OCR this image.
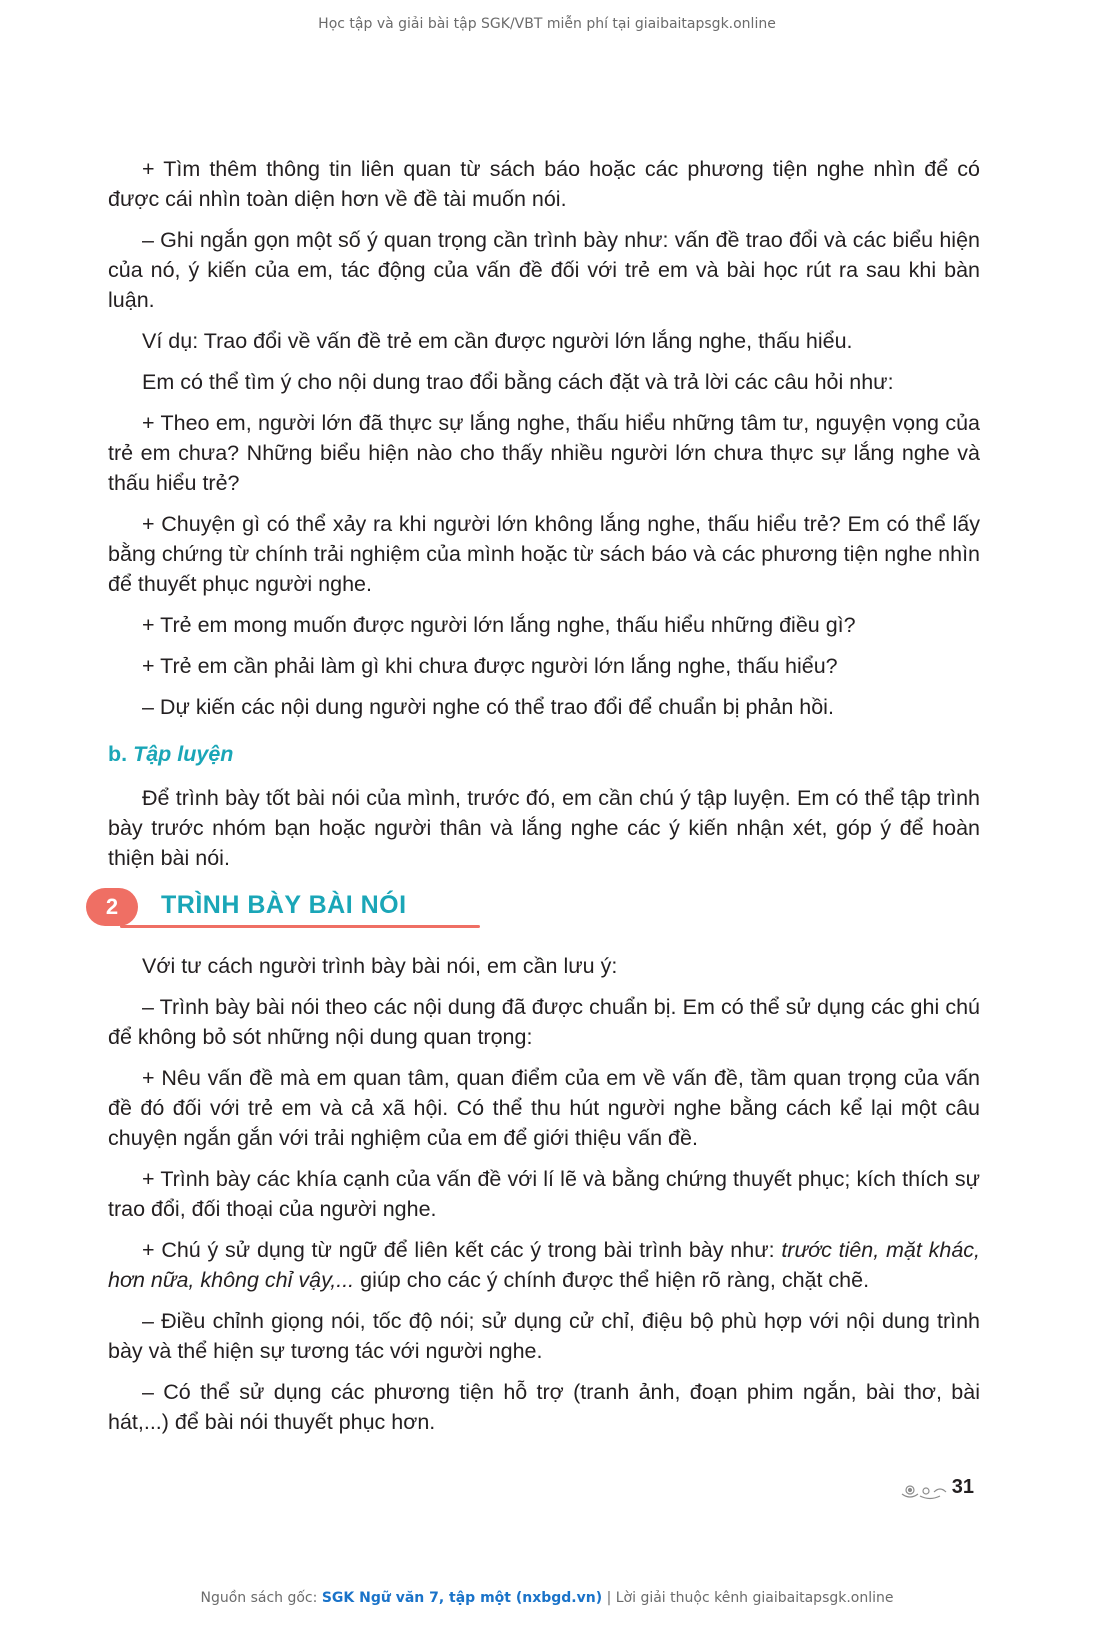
Học tập và giải bài tập SGK/VBT miễn phí tại giaibaitapsgk.online

+ Tìm thêm thông tin liên quan từ sách báo hoặc các phương tiện nghe nhìn để có được cái nhìn toàn diện hơn về đề tài muốn nói.

– Ghi ngắn gọn một số ý quan trọng cần trình bày như: vấn đề trao đổi và các biểu hiện của nó, ý kiến của em, tác động của vấn đề đối với trẻ em và bài học rút ra sau khi bàn luận.

Ví dụ: Trao đổi về vấn đề trẻ em cần được người lớn lắng nghe, thấu hiểu.

Em có thể tìm ý cho nội dung trao đổi bằng cách đặt và trả lời các câu hỏi như:

+ Theo em, người lớn đã thực sự lắng nghe, thấu hiểu những tâm tư, nguyện vọng của trẻ em chưa? Những biểu hiện nào cho thấy nhiều người lớn chưa thực sự lắng nghe và thấu hiểu trẻ?

+ Chuyện gì có thể xảy ra khi người lớn không lắng nghe, thấu hiểu trẻ? Em có thể lấy bằng chứng từ chính trải nghiệm của mình hoặc từ sách báo và các phương tiện nghe nhìn để thuyết phục người nghe.

+ Trẻ em mong muốn được người lớn lắng nghe, thấu hiểu những điều gì?

+ Trẻ em cần phải làm gì khi chưa được người lớn lắng nghe, thấu hiểu?

– Dự kiến các nội dung người nghe có thể trao đổi để chuẩn bị phản hồi.

b. Tập luyện

Để trình bày tốt bài nói của mình, trước đó, em cần chú ý tập luyện. Em có thể tập trình bày trước nhóm bạn hoặc người thân và lắng nghe các ý kiến nhận xét, góp ý để hoàn thiện bài nói.

2	TRÌNH BÀY BÀI NÓI

Với tư cách người trình bày bài nói, em cần lưu ý:

– Trình bày bài nói theo các nội dung đã được chuẩn bị. Em có thể sử dụng các ghi chú để không bỏ sót những nội dung quan trọng:

+ Nêu vấn đề mà em quan tâm, quan điểm của em về vấn đề, tầm quan trọng của vấn đề đó đối với trẻ em và cả xã hội. Có thể thu hút người nghe bằng cách kể lại một câu chuyện ngắn gắn với trải nghiệm của em để giới thiệu vấn đề.

+ Trình bày các khía cạnh của vấn đề với lí lẽ và bằng chứng thuyết phục; kích thích sự trao đổi, đối thoại của người nghe.

+ Chú ý sử dụng từ ngữ để liên kết các ý trong bài trình bày như: trước tiên, mặt khác, hơn nữa, không chỉ vậy,... giúp cho các ý chính được thể hiện rõ ràng, chặt chẽ.

– Điều chỉnh giọng nói, tốc độ nói; sử dụng cử chỉ, điệu bộ phù hợp với nội dung trình bày và thể hiện sự tương tác với người nghe.

– Có thể sử dụng các phương tiện hỗ trợ (tranh ảnh, đoạn phim ngắn, bài thơ, bài hát,...) để bài nói thuyết phục hơn.

31
Nguồn sách gốc: SGK Ngữ văn 7, tập một (nxbgd.vn) | Lời giải thuộc kênh giaibaitapsgk.online
